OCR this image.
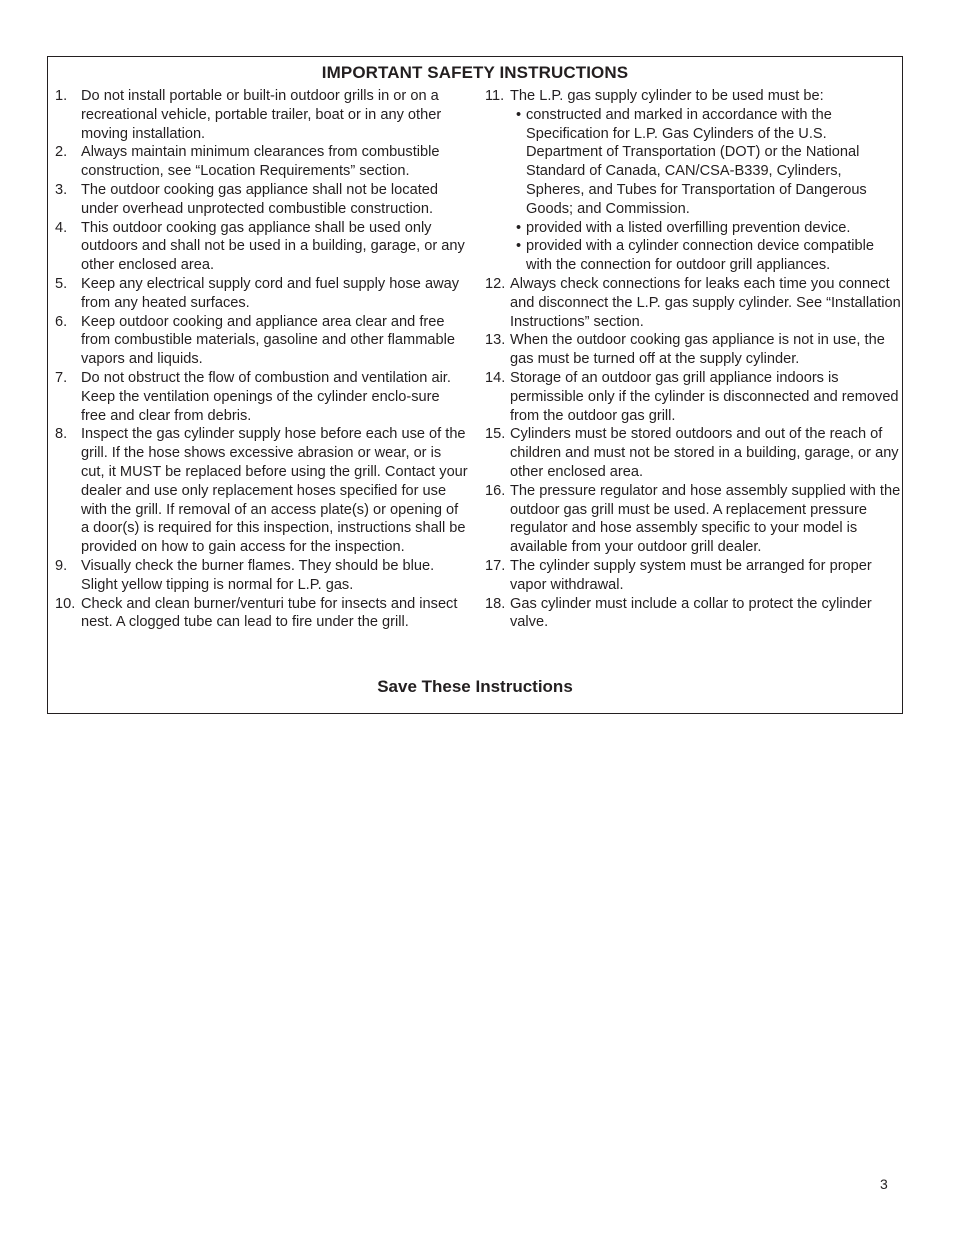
IMPORTANT SAFETY INSTRUCTIONS
1. Do not install portable or built-in outdoor grills in or on a recreational vehicle, portable trailer, boat or in any other moving installation.
2. Always maintain minimum clearances from combustible construction, see “Location Requirements” section.
3. The outdoor cooking gas appliance shall not be located under overhead unprotected combustible construction.
4. This outdoor cooking gas appliance shall be used only outdoors and shall not be used in a building, garage, or any other enclosed area.
5. Keep any electrical supply cord and fuel supply hose away from any heated surfaces.
6. Keep outdoor cooking and appliance area clear and free from combustible materials, gasoline and other flammable vapors and liquids.
7. Do not obstruct the flow of combustion and ventilation air. Keep the ventilation openings of the cylinder enclo-sure free and clear from debris.
8. Inspect the gas cylinder supply hose before each use of the grill. If the hose shows excessive abrasion or wear, or is cut, it MUST be replaced before using the grill. Contact your dealer and use only replacement hoses specified for use with the grill. If removal of an access plate(s) or opening of a door(s) is required for this inspection, instructions shall be provided on how to gain access for the inspection.
9. Visually check the burner flames. They should be blue. Slight yellow tipping is normal for L.P. gas.
10. Check and clean burner/venturi tube for insects and insect nest. A clogged tube can lead to fire under the grill.
11. The L.P. gas supply cylinder to be used must be:
• constructed and marked in accordance with the Specification for L.P. Gas Cylinders of the U.S. Department of Transportation (DOT) or the National Standard of Canada, CAN/CSA-B339, Cylinders, Spheres, and Tubes for Transportation of Dangerous Goods; and Commission.
• provided with a listed overfilling prevention device.
• provided with a cylinder connection device compatible with the connection for outdoor grill appliances.
12. Always check connections for leaks each time you connect and disconnect the L.P. gas supply cylinder. See “Installation Instructions” section.
13. When the outdoor cooking gas appliance is not in use, the gas must be turned off at the supply cylinder.
14. Storage of an outdoor gas grill appliance indoors is permissible only if the cylinder is disconnected and removed from the outdoor gas grill.
15. Cylinders must be stored outdoors and out of the reach of children and must not be stored in a building, garage, or any other enclosed area.
16. The pressure regulator and hose assembly supplied with the outdoor gas grill must be used. A replacement pressure regulator and hose assembly specific to your model is available from your outdoor grill dealer.
17. The cylinder supply system must be arranged for proper vapor withdrawal.
18. Gas cylinder must include a collar to protect the cylinder valve.
Save These Instructions
3
